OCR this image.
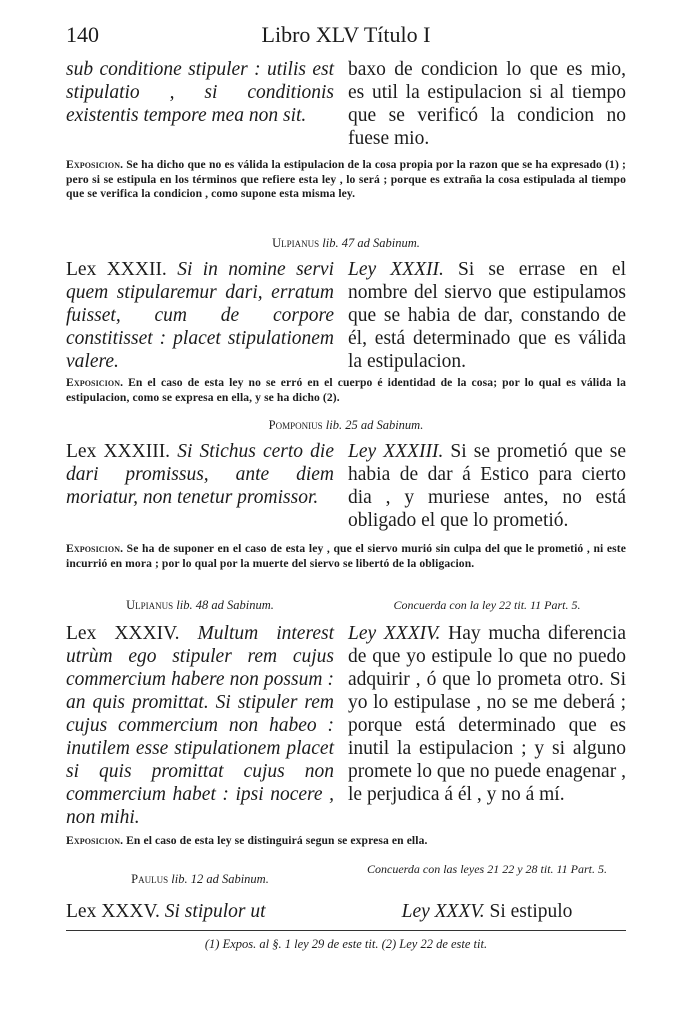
140	Libro XLV Título I
sub conditione stipuler : utilis est stipulatio , si conditionis existentis tempore mea non sit.
baxo de condicion lo que es mio, es util la estipulacion si al tiempo que se verificó la condicion no fuese mio.
Exposicion. Se ha dicho que no es válida la estipulacion de la cosa propia por la razon que se ha expresado (1) ; pero si se estipula en los términos que refiere esta ley , lo será ; porque es extraña la cosa estipulada al tiempo que se verifica la condicion , como supone esta misma ley.
Ulpianus lib. 47 ad Sabinum.
Lex XXXII. Si in nomine servi quem stipularemur dari, erratum fuisset, cum de corpore constitisset : placet stipulationem valere.
Ley XXXII. Si se errase en el nombre del siervo que estipulamos que se habia de dar, constando de él, está determinado que es válida la estipulacion.
Exposicion. En el caso de esta ley no se erró en el cuerpo é identidad de la cosa; por lo qual es válida la estipulacion, como se expresa en ella, y se ha dicho (2).
Pomponius lib. 25 ad Sabinum.
Lex XXXIII. Si Stichus certo die dari promissus, ante diem moriatur, non tenetur promissor.
Ley XXXIII. Si se prometió que se habia de dar á Estico para cierto dia , y muriese antes, no está obligado el que lo prometió.
Exposicion. Se ha de suponer en el caso de esta ley , que el siervo murió sin culpa del que le prometió , ni este incurrió en mora ; por lo qual por la muerte del siervo se libertó de la obligacion.
Ulpianus lib. 48 ad Sabinum.	Concuerda con la ley 22 tit. 11 Part. 5.
Lex XXXIV. Multum interest utrùm ego stipuler rem cujus commercium habere non possum : an quis promittat. Si stipuler rem cujus commercium non habeo : inutilem esse stipulationem placet si quis promittat cujus non commercium habet : ipsi nocere , non mihi.
Ley XXXIV. Hay mucha diferencia de que yo estipule lo que no puedo adquirir , ó que lo prometa otro. Si yo lo estipulase , no se me deberá ; porque está determinado que es inutil la estipulacion ; y si alguno promete lo que no puede enagenar , le perjudica á él , y no á mí.
Exposicion. En el caso de esta ley se distinguirá segun se expresa en ella.
Paulus lib. 12 ad Sabinum.
Concuerda con las leyes 21 22 y 28 tit. 11 Part. 5.
Lex XXXV. Si stipulor ut	Ley XXXV. Si estipulo
(1) Expos. al §. 1 ley 29 de este tit. (2) Ley 22 de este tit.
